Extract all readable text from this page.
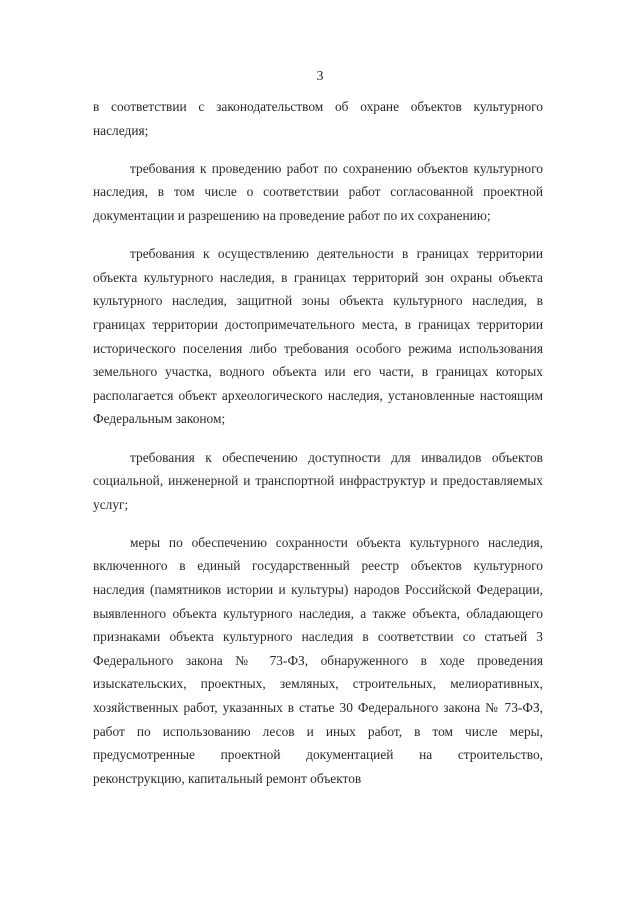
3

в соответствии с законодательством об охране объектов культурного наследия;

требования к проведению работ по сохранению объектов культурного наследия, в том числе о соответствии работ согласованной проектной документации и разрешению на проведение работ по их сохранению;

требования к осуществлению деятельности в границах территории объекта культурного наследия, в границах территорий зон охраны объекта культурного наследия, защитной зоны объекта культурного наследия, в границах территории достопримечательного места, в границах территории исторического поселения либо требования особого режима использования земельного участка, водного объекта или его части, в границах которых располагается объект археологического наследия, установленные настоящим Федеральным законом;

требования к обеспечению доступности для инвалидов объектов социальной, инженерной и транспортной инфраструктур и предоставляемых услуг;

меры по обеспечению сохранности объекта культурного наследия, включенного в единый государственный реестр объектов культурного наследия (памятников истории и культуры) народов Российской Федерации, выявленного объекта культурного наследия, а также объекта, обладающего признаками объекта культурного наследия в соответствии со статьей 3 Федерального закона № 73-ФЗ, обнаруженного в ходе проведения изыскательских, проектных, земляных, строительных, мелиоративных, хозяйственных работ, указанных в статье 30 Федерального закона № 73-ФЗ, работ по использованию лесов и иных работ, в том числе меры, предусмотренные проектной документацией на строительство, реконструкцию, капитальный ремонт объектов
